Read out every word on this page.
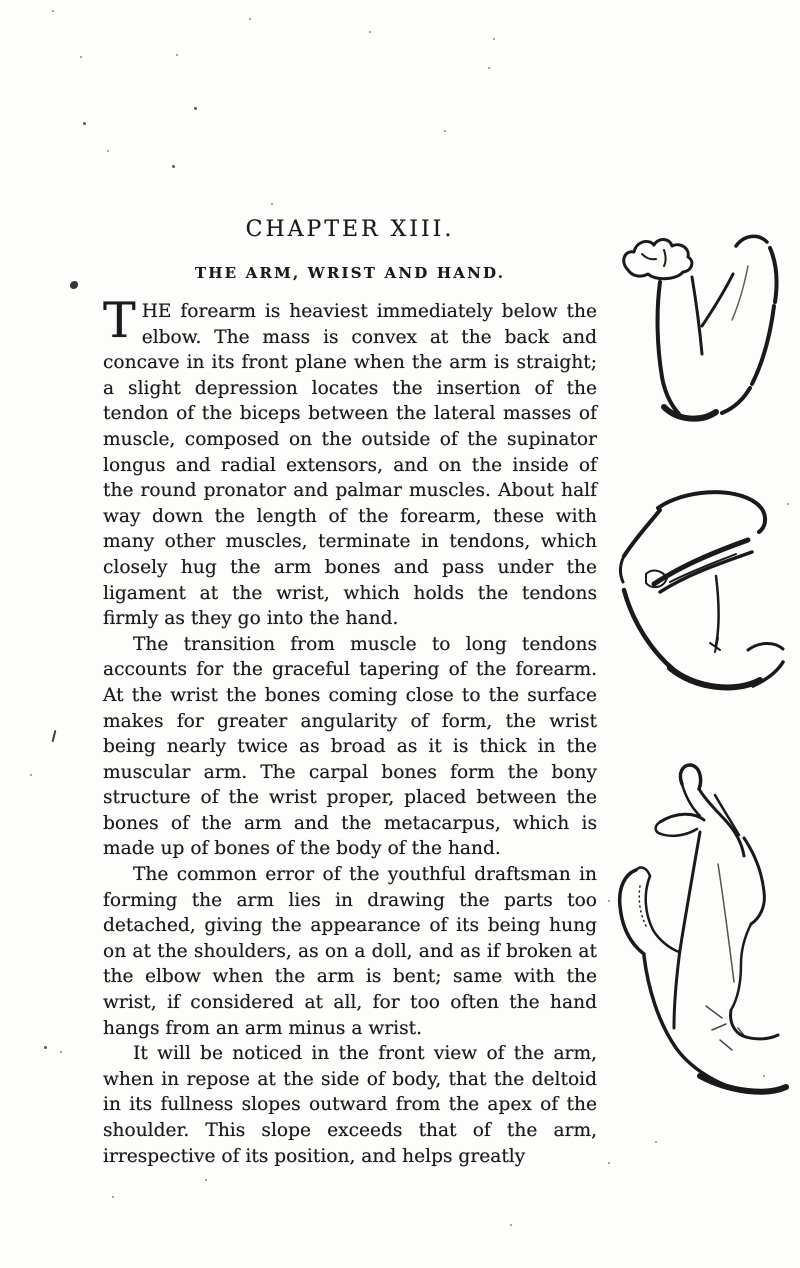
CHAPTER XIII.
THE ARM, WRIST AND HAND.

THE forearm is heaviest immediately below the elbow. The mass is convex at the back and concave in its front plane when the arm is straight; a slight depression locates the insertion of the tendon of the biceps between the lateral masses of muscle, composed on the outside of the supinator longus and radial extensors, and on the inside of the round pronator and palmar muscles. About half way down the length of the forearm, these with many other muscles, terminate in tendons, which closely hug the arm bones and pass under the ligament at the wrist, which holds the tendons firmly as they go into the hand.

The transition from muscle to long tendons accounts for the graceful tapering of the forearm. At the wrist the bones coming close to the surface makes for greater angularity of form, the wrist being nearly twice as broad as it is thick in the muscular arm. The carpal bones form the bony structure of the wrist proper, placed between the bones of the arm and the metacarpus, which is made up of bones of the body of the hand.

The common error of the youthful draftsman in forming the arm lies in drawing the parts too detached, giving the appearance of its being hung on at the shoulders, as on a doll, and as if broken at the elbow when the arm is bent; same with the wrist, if considered at all, for too often the hand hangs from an arm minus a wrist.

It will be noticed in the front view of the arm, when in repose at the side of body, that the deltoid in its fullness slopes outward from the apex of the shoulder. This slope exceeds that of the arm, irrespective of its position, and helps greatly
